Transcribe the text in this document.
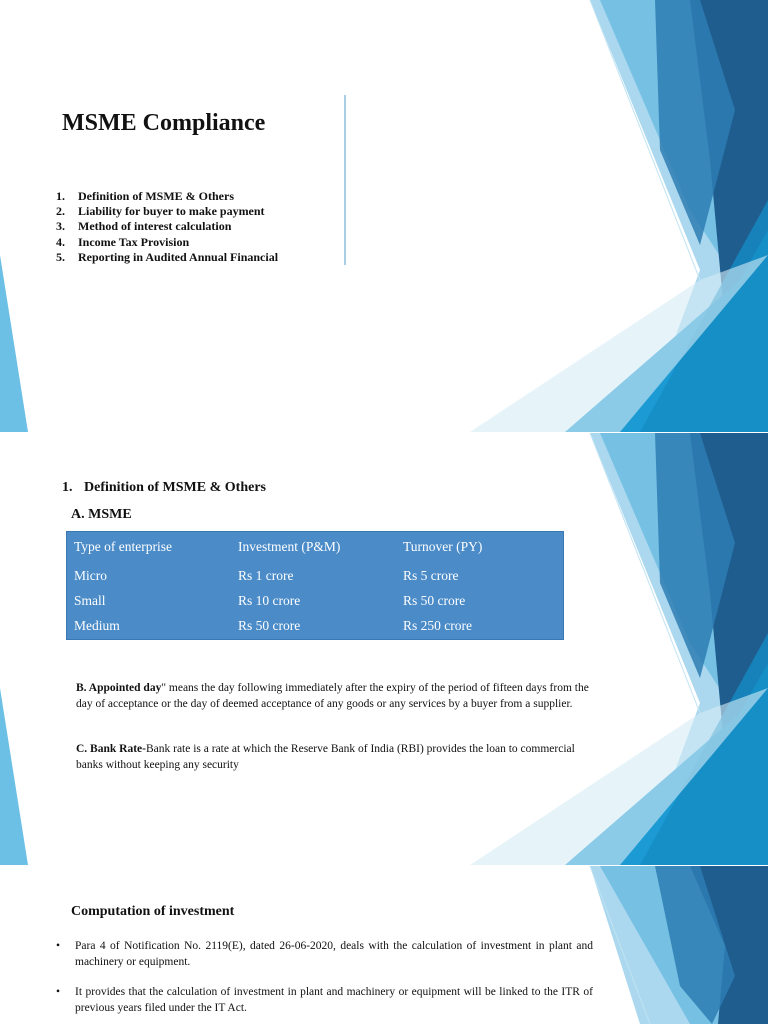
MSME Compliance
1.	Definition of MSME & Others
2.	Liability for buyer to make payment
3.	Method of interest calculation
4.	Income Tax Provision
5.	Reporting in Audited Annual Financial
1. Definition of MSME & Others
A. MSME
Type of enterprise	Investment (P&M)	Turnover (PY)
Micro	Rs 1 crore	Rs 5 crore
Small	Rs 10 crore	Rs 50 crore
Medium	Rs 50 crore	Rs 250 crore
B. Appointed day" means the day following immediately after the expiry of the period of fifteen days from the day of acceptance or the day of deemed acceptance of any goods or any services by a buyer from a supplier.
C. Bank Rate-Bank rate is a rate at which the Reserve Bank of India (RBI) provides the loan to commercial banks without keeping any security
Computation of investment
• Para 4 of Notification No. 2119(E), dated 26-06-2020, deals with the calculation of investment in plant and machinery or equipment.
• It provides that the calculation of investment in plant and machinery or equipment will be linked to the ITR of previous years filed under the IT Act.
